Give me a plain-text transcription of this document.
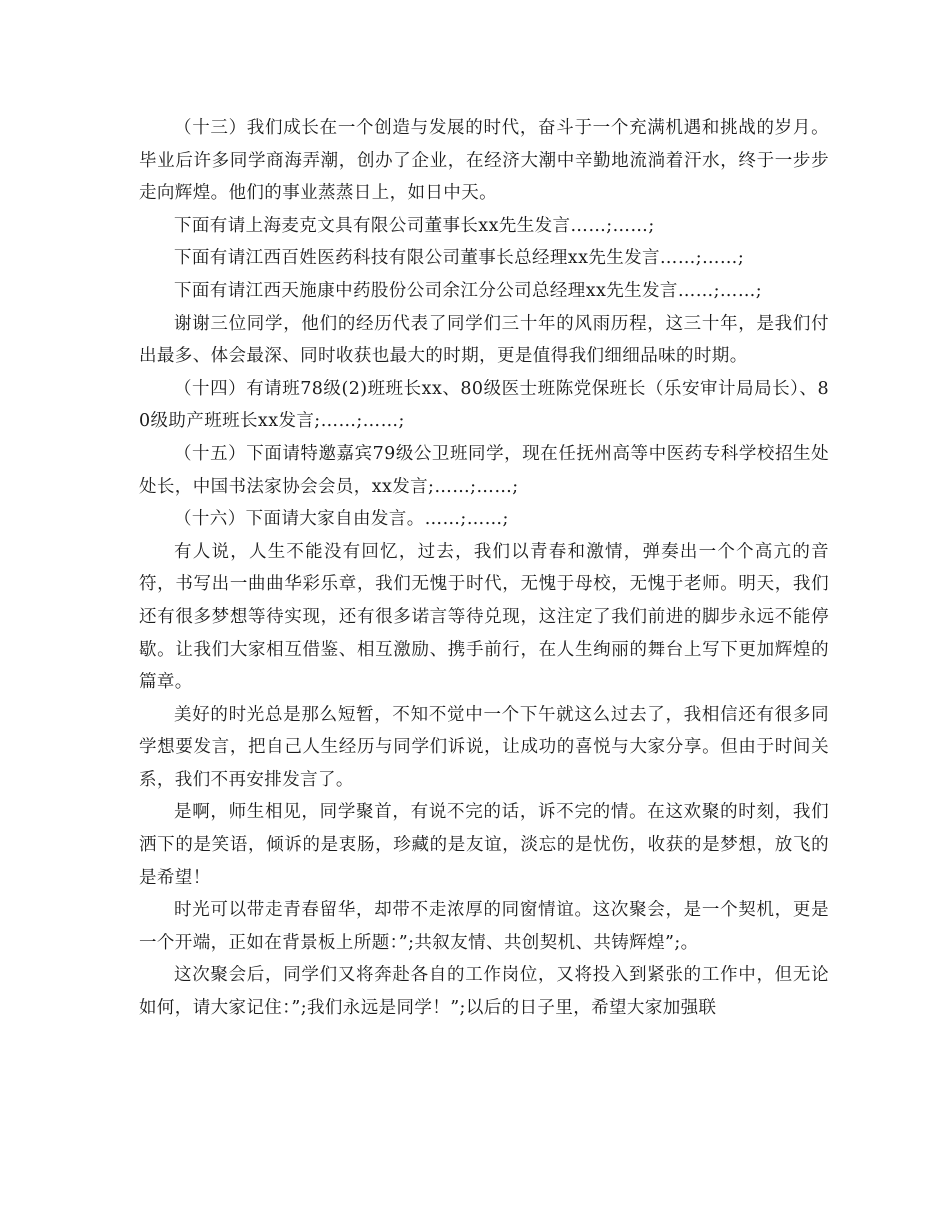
（十三）我们成长在一个创造与发展的时代，奋斗于一个充满机遇和挑战的岁月。毕业后许多同学商海弄潮，创办了企业，在经济大潮中辛勤地流淌着汗水，终于一步步走向辉煌。他们的事业蒸蒸日上，如日中天。

下面有请上海麦克文具有限公司董事长xx先生发言……;……;

下面有请江西百姓医药科技有限公司董事长总经理xx先生发言……;……;

下面有请江西天施康中药股份公司余江分公司总经理xx先生发言……;……;

谢谢三位同学，他们的经历代表了同学们三十年的风雨历程，这三十年，是我们付出最多、体会最深、同时收获也最大的时期，更是值得我们细细品味的时期。

（十四）有请班78级(2)班班长xx、80级医士班陈党保班长（乐安审计局局长）、80级助产班班长xx发言;……;……;

（十五）下面请特邀嘉宾79级公卫班同学，现在任抚州高等中医药专科学校招生处处长，中国书法家协会会员，xx发言;……;……;

（十六）下面请大家自由发言。……;……;

有人说，人生不能没有回忆，过去，我们以青春和激情，弹奏出一个个高亢的音符，书写出一曲曲华彩乐章，我们无愧于时代，无愧于母校，无愧于老师。明天，我们还有很多梦想等待实现，还有很多诺言等待兑现，这注定了我们前进的脚步永远不能停歇。让我们大家相互借鉴、相互激励、携手前行，在人生绚丽的舞台上写下更加辉煌的篇章。

美好的时光总是那么短暂，不知不觉中一个下午就这么过去了，我相信还有很多同学想要发言，把自己人生经历与同学们诉说，让成功的喜悦与大家分享。但由于时间关系，我们不再安排发言了。

是啊，师生相见，同学聚首，有说不完的话，诉不完的情。在这欢聚的时刻，我们洒下的是笑语，倾诉的是衷肠，珍藏的是友谊，淡忘的是忧伤，收获的是梦想，放飞的是希望！

时光可以带走青春留华，却带不走浓厚的同窗情谊。这次聚会，是一个契机，更是一个开端，正如在背景板上所题：”;共叙友情、共创契机、共铸辉煌”;。

这次聚会后，同学们又将奔赴各自的工作岗位，又将投入到紧张的工作中，但无论如何，请大家记住：”;我们永远是同学！”;以后的日子里，希望大家加强联
